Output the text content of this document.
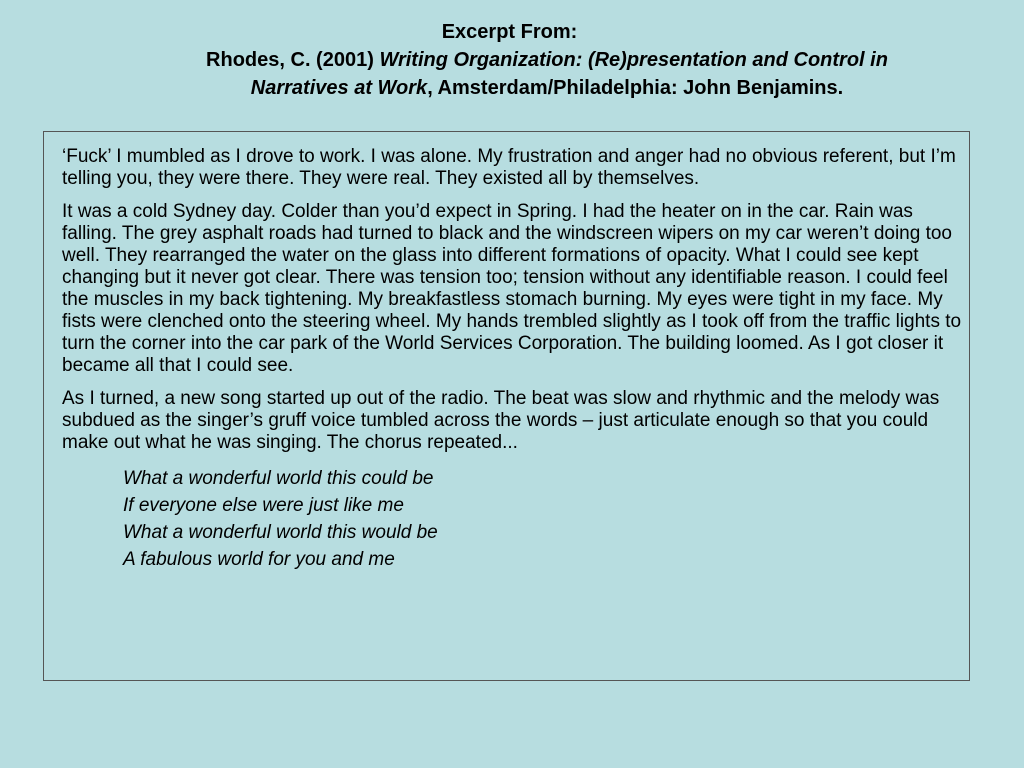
Excerpt From:
Rhodes, C. (2001) Writing Organization: (Re)presentation and Control in
Narratives at Work, Amsterdam/Philadelphia: John Benjamins.

‘Fuck’ I mumbled as I drove to work. I was alone. My frustration and anger had no obvious referent, but I’m telling you, they were there. They were real. They existed all by themselves.

It was a cold Sydney day. Colder than you’d expect in Spring. I had the heater on in the car. Rain was falling. The grey asphalt roads had turned to black and the windscreen wipers on my car weren’t doing too well. They rearranged the water on the glass into different formations of opacity. What I could see kept changing but it never got clear. There was tension too; tension without any identifiable reason. I could feel the muscles in my back tightening. My breakfastless stomach burning. My eyes were tight in my face. My fists were clenched onto the steering wheel. My hands trembled slightly as I took off from the traffic lights to turn the corner into the car park of the World Services Corporation. The building loomed. As I got closer it became all that I could see.

As I turned, a new song started up out of the radio. The beat was slow and rhythmic and the melody was subdued as the singer’s gruff voice tumbled across the words – just articulate enough so that you could make out what he was singing. The chorus repeated...

What a wonderful world this could be
If everyone else were just like me
What a wonderful world this would be
A fabulous world for you and me
